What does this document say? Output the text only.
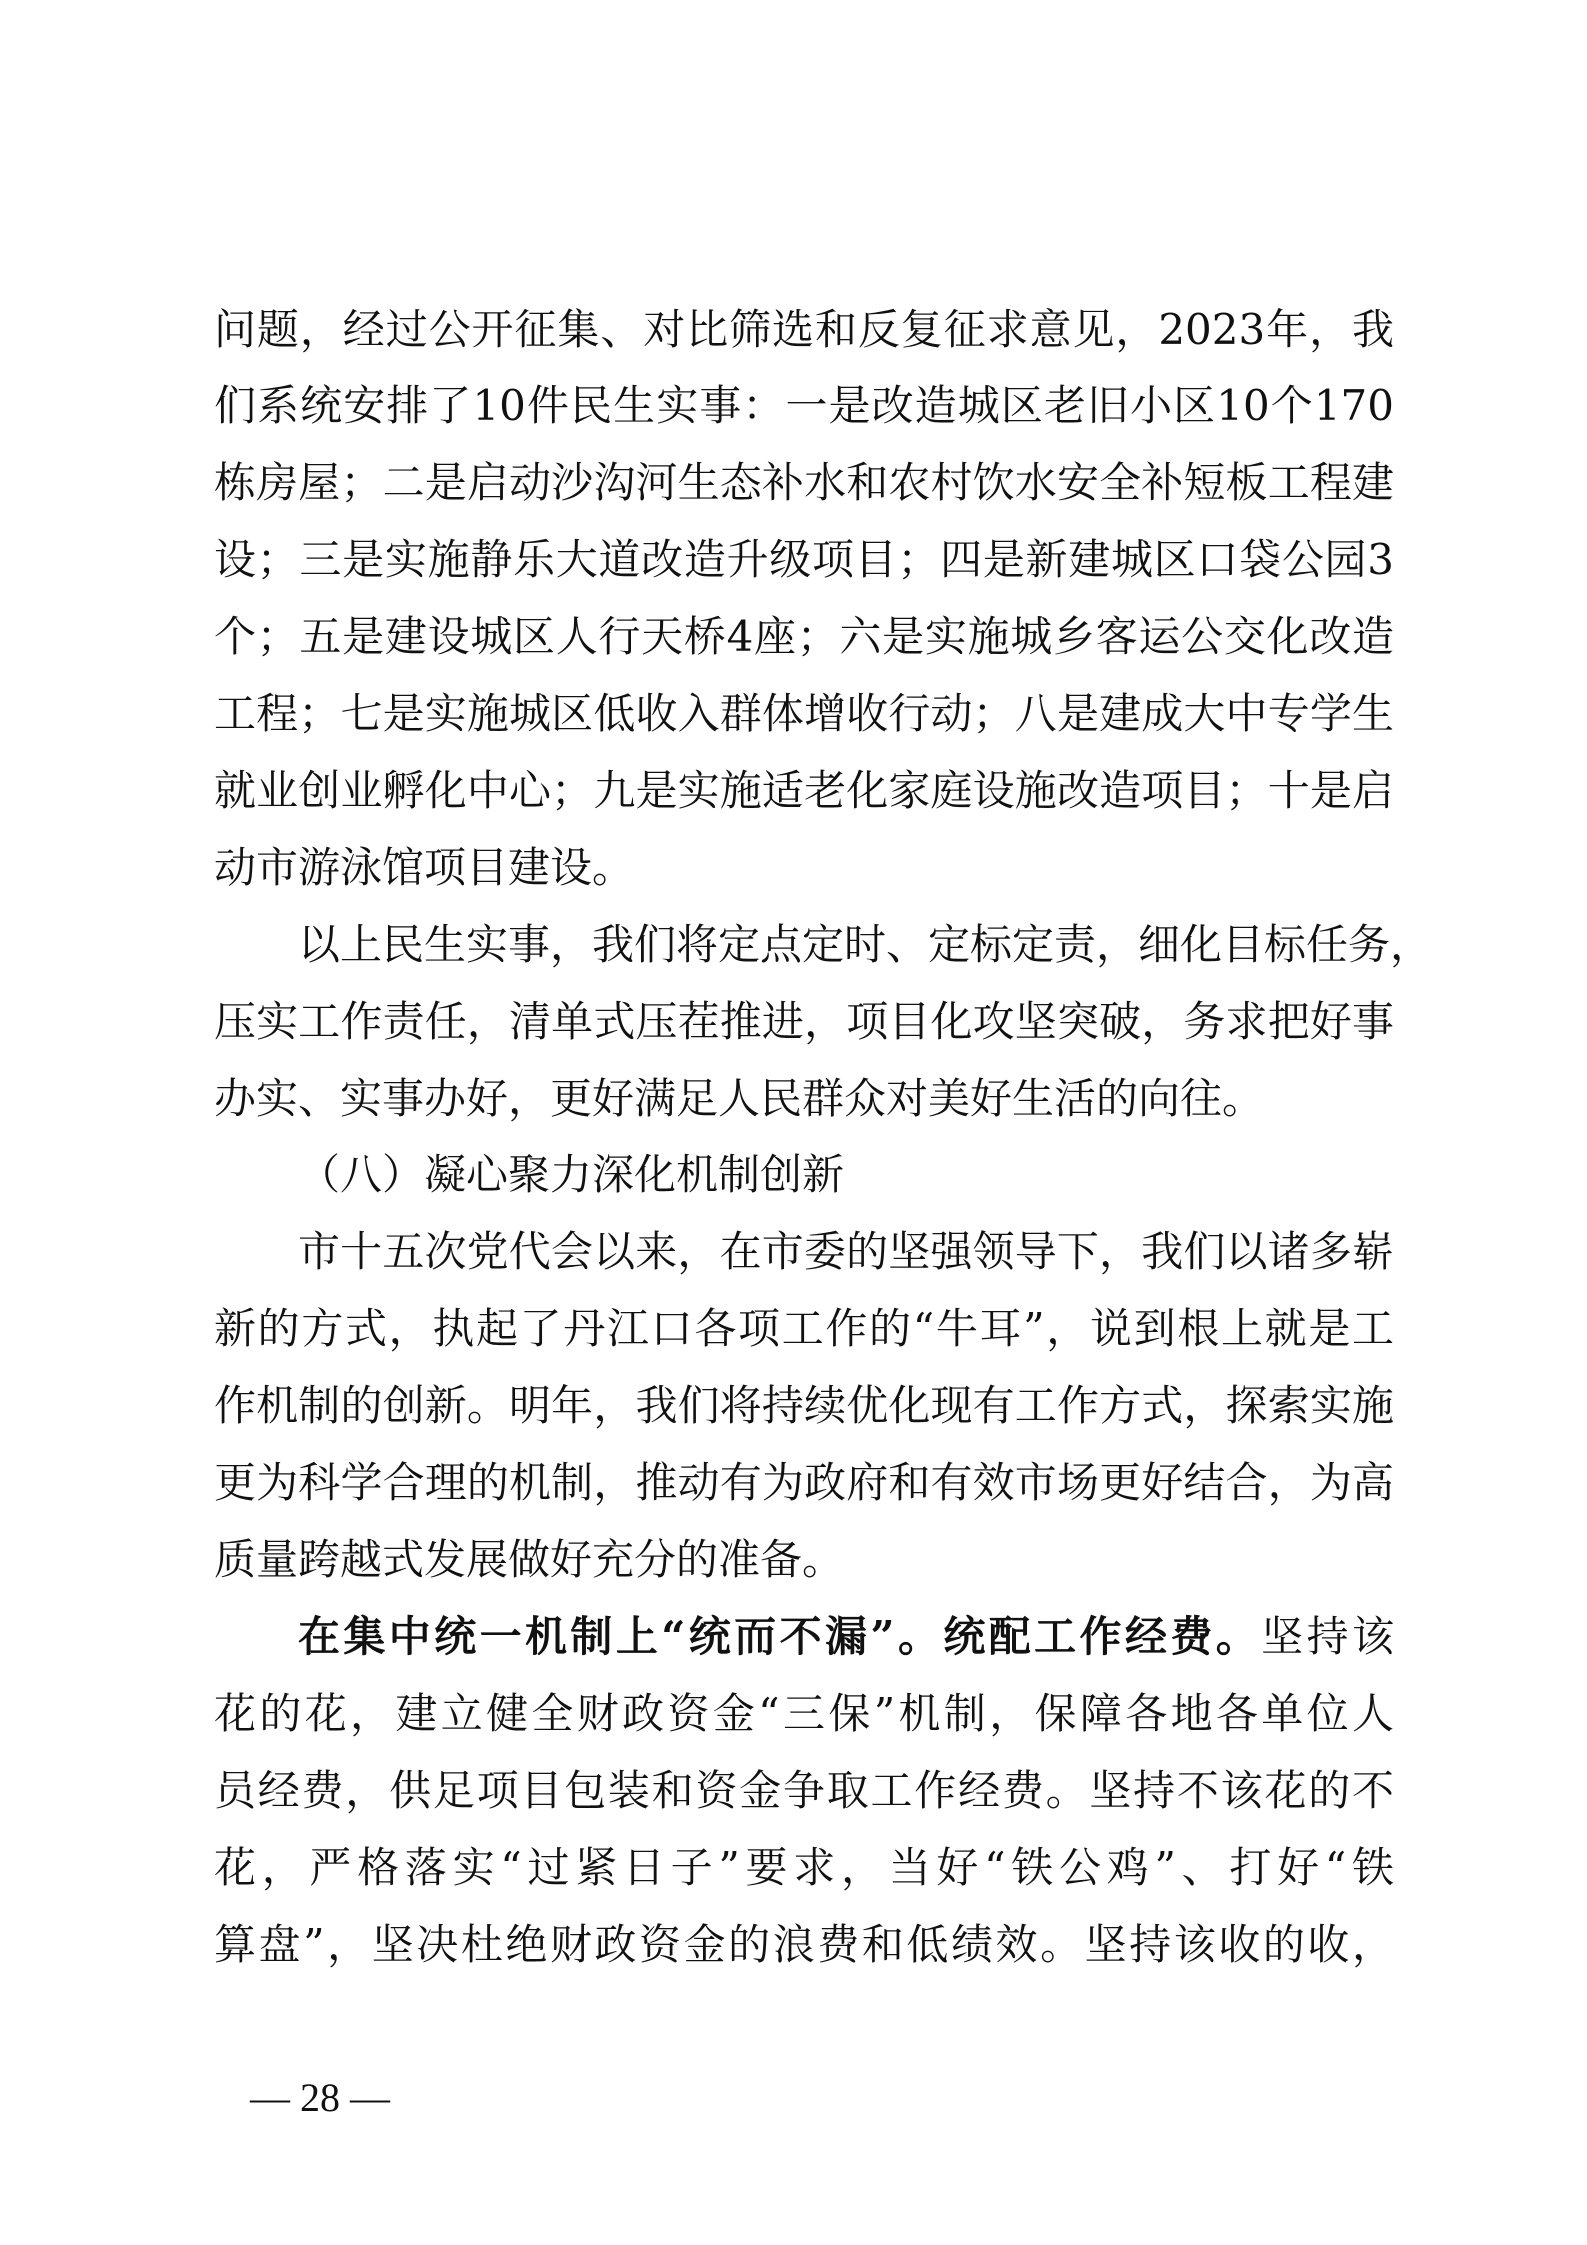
问题，经过公开征集、对比筛选和反复征求意见，2023年，我
们系统安排了10件民生实事：一是改造城区老旧小区10个170
栋房屋；二是启动沙沟河生态补水和农村饮水安全补短板工程建
设；三是实施静乐大道改造升级项目；四是新建城区口袋公园3
个；五是建设城区人行天桥4座；六是实施城乡客运公交化改造
工程；七是实施城区低收入群体增收行动；八是建成大中专学生
就业创业孵化中心；九是实施适老化家庭设施改造项目；十是启
动市游泳馆项目建设。
以上民生实事，我们将定点定时、定标定责，细化目标任务，
压实工作责任，清单式压茬推进，项目化攻坚突破，务求把好事
办实、实事办好，更好满足人民群众对美好生活的向往。
（八）凝心聚力深化机制创新
市十五次党代会以来，在市委的坚强领导下，我们以诸多崭
新的方式，执起了丹江口各项工作的“牛耳”，说到根上就是工
作机制的创新。明年，我们将持续优化现有工作方式，探索实施
更为科学合理的机制，推动有为政府和有效市场更好结合，为高
质量跨越式发展做好充分的准备。
在集中统一机制上“统而不漏”。统配工作经费。坚持该
花的花，建立健全财政资金“三保”机制，保障各地各单位人
员经费，供足项目包装和资金争取工作经费。坚持不该花的不
花，严格落实“过紧日子”要求，当好“铁公鸡”、打好“铁
算盘”，坚决杜绝财政资金的浪费和低绩效。坚持该收的收，
— 28 —
